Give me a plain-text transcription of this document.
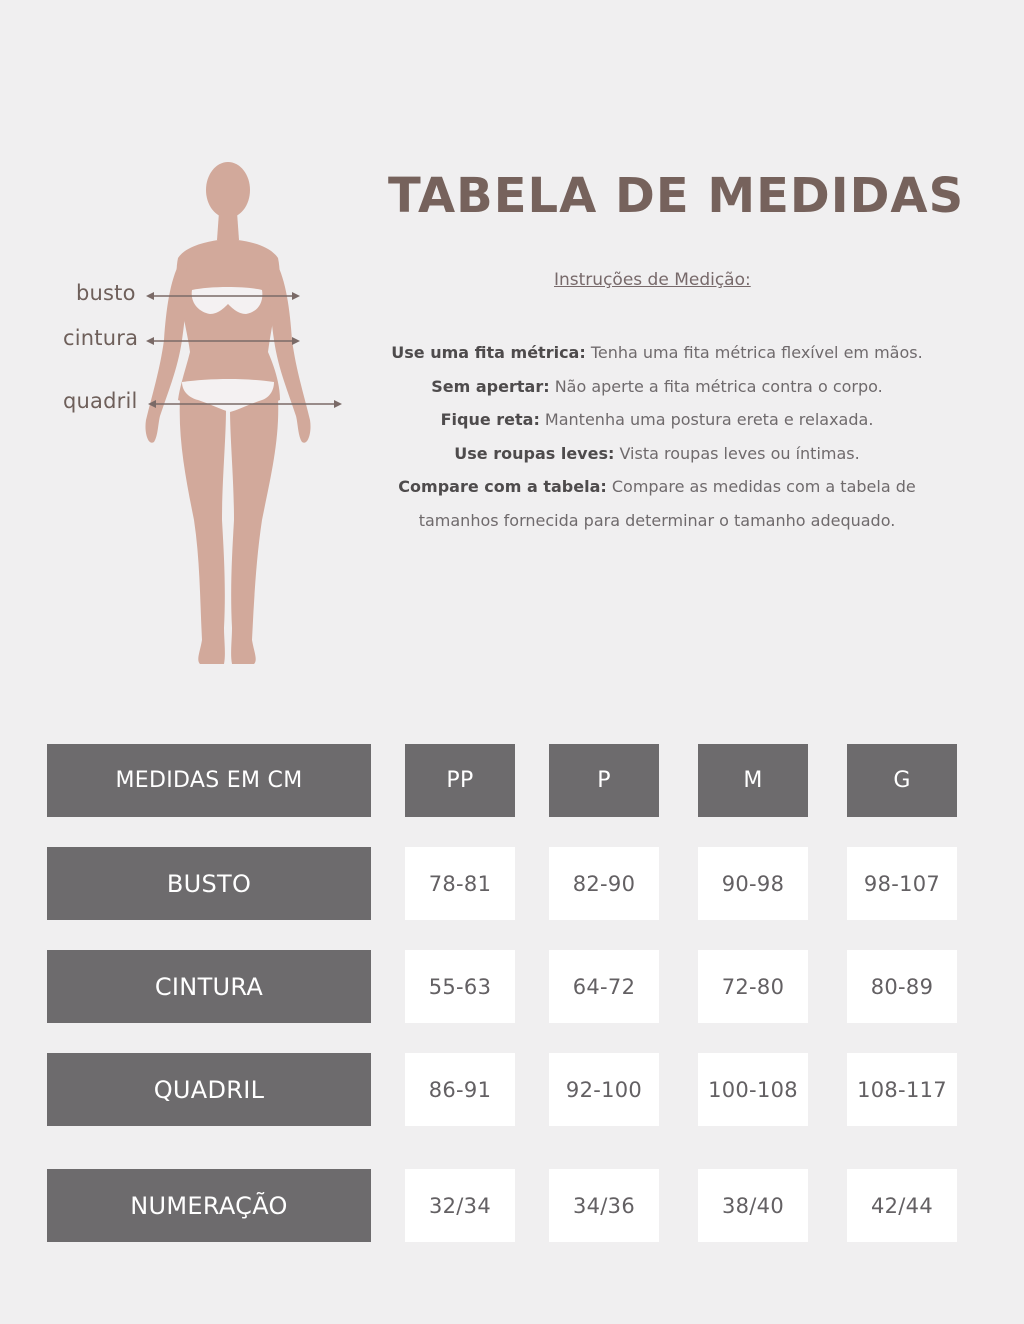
busto
cintura
quadril
TABELA DE MEDIDAS
Instruções de Medição:
Use uma fita métrica: Tenha uma fita métrica flexível em mãos.
Sem apertar: Não aperte a fita métrica contra o corpo.
Fique reta: Mantenha uma postura ereta e relaxada.
Use roupas leves: Vista roupas leves ou íntimas.
Compare com a tabela: Compare as medidas com a tabela de
tamanhos fornecida para determinar o tamanho adequado.
MEDIDAS EM CM	PP	P	M	G
BUSTO	78-81	82-90	90-98	98-107
CINTURA	55-63	64-72	72-80	80-89
QUADRIL	86-91	92-100	100-108	108-117
NUMERAÇÃO	32/34	34/36	38/40	42/44
